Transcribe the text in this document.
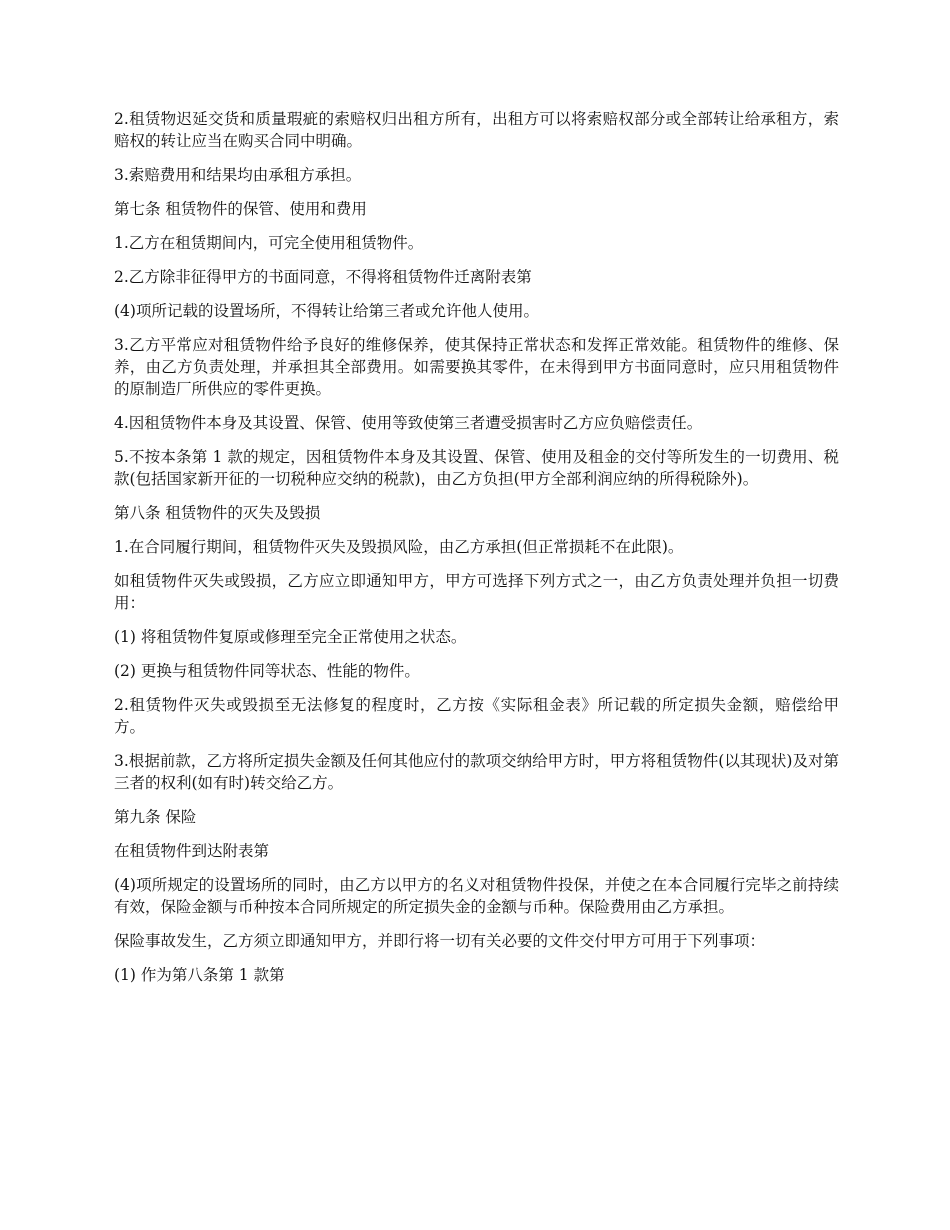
2.租赁物迟延交货和质量瑕疵的索赔权归出租方所有，出租方可以将索赔权部分或全部转让给承租方，索赔权的转让应当在购买合同中明确。

3.索赔费用和结果均由承租方承担。

第七条 租赁物件的保管、使用和费用

1.乙方在租赁期间内，可完全使用租赁物件。

2.乙方除非征得甲方的书面同意，不得将租赁物件迁离附表第

(4)项所记载的设置场所，不得转让给第三者或允许他人使用。

3.乙方平常应对租赁物件给予良好的维修保养，使其保持正常状态和发挥正常效能。租赁物件的维修、保养，由乙方负责处理，并承担其全部费用。如需要换其零件，在未得到甲方书面同意时，应只用租赁物件的原制造厂所供应的零件更换。

4.因租赁物件本身及其设置、保管、使用等致使第三者遭受损害时乙方应负赔偿责任。

5.不按本条第 1 款的规定，因租赁物件本身及其设置、保管、使用及租金的交付等所发生的一切费用、税款(包括国家新开征的一切税种应交纳的税款)，由乙方负担(甲方全部利润应纳的所得税除外)。

第八条 租赁物件的灭失及毁损

1.在合同履行期间，租赁物件灭失及毁损风险，由乙方承担(但正常损耗不在此限)。

如租赁物件灭失或毁损，乙方应立即通知甲方，甲方可选择下列方式之一，由乙方负责处理并负担一切费用：

(1) 将租赁物件复原或修理至完全正常使用之状态。

(2) 更换与租赁物件同等状态、性能的物件。

2.租赁物件灭失或毁损至无法修复的程度时，乙方按《实际租金表》所记载的所定损失金额，赔偿给甲方。

3.根据前款，乙方将所定损失金额及任何其他应付的款项交纳给甲方时，甲方将租赁物件(以其现状)及对第三者的权利(如有时)转交给乙方。

第九条 保险

在租赁物件到达附表第

(4)项所规定的设置场所的同时，由乙方以甲方的名义对租赁物件投保，并使之在本合同履行完毕之前持续有效，保险金额与币种按本合同所规定的所定损失金的金额与币种。保险费用由乙方承担。

保险事故发生，乙方须立即通知甲方，并即行将一切有关必要的文件交付甲方可用于下列事项：

(1) 作为第八条第 1 款第
